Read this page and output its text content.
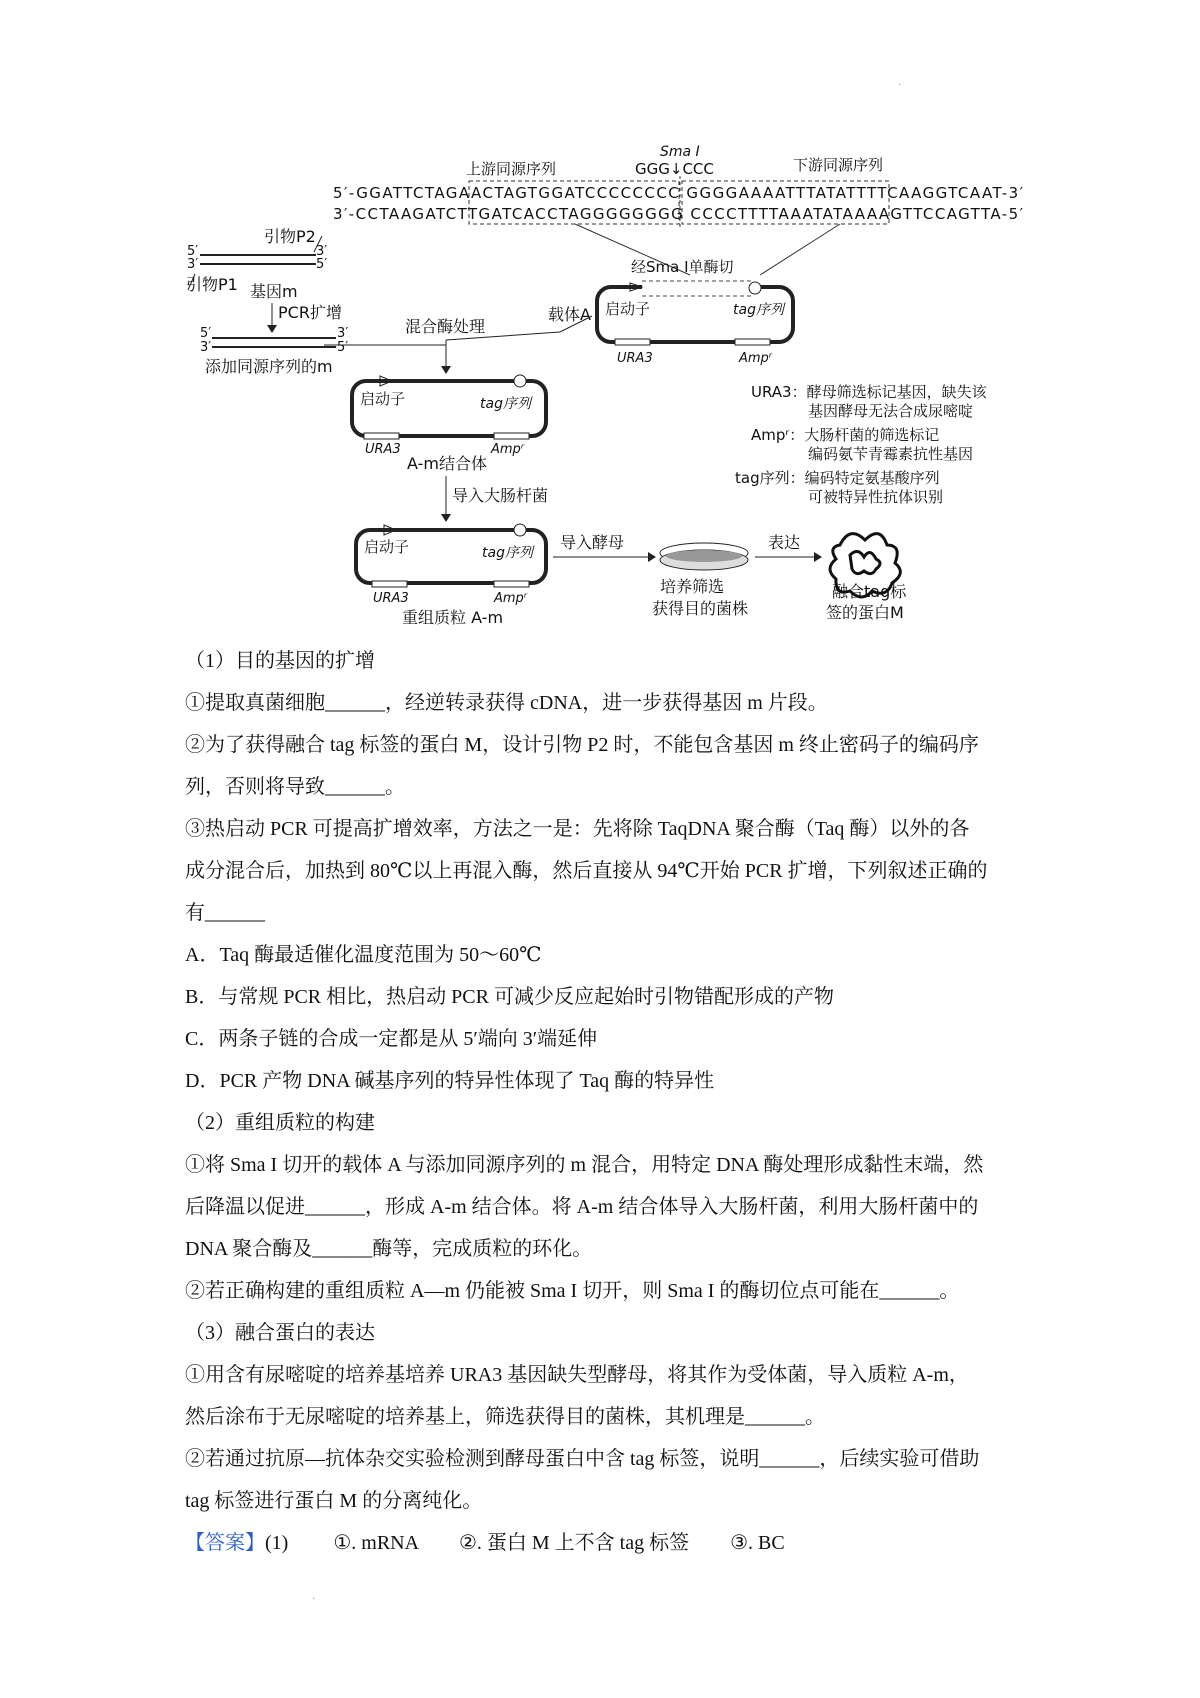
·
Sma I
GGG↓CCC
上游同源序列	下游同源序列
5′-GGATTCTAGAACTAGTGGATCCCCCCCC GGGGAAAATTTATATTTTCAAGGTCAAT-3′
3′-CCTAAGATCTTGATCACCTAGGGGGGGG CCCCTTTTAAATATAAAAGTTCCAGTTA-5′
引物P2
5′	3′
3′	5′
引物P1 基因m
PCR扩增
5′	3′
3′	5′
添加同源序列的m
混合酶处理
载体A
经Sma I单酶切
启动子	tag序列
URA3	Ampʳ
启动子	tag序列
URA3	Ampʳ
A-m结合体
导入大肠杆菌
启动子	tag序列
URA3	Ampʳ
重组质粒 A-m
导入酵母
培养筛选
获得目的菌株
表达
融合tag标
签的蛋白M
URA3：酵母筛选标记基因，缺失该
基因酵母无法合成尿嘧啶
Ampʳ：大肠杆菌的筛选标记
编码氨苄青霉素抗性基因
tag序列：编码特定氨基酸序列
可被特异性抗体识别

（1）目的基因的扩增

①提取真菌细胞______，经逆转录获得 cDNA，进一步获得基因 m 片段。

②为了获得融合 tag 标签的蛋白 M，设计引物 P2 时，不能包含基因 m 终止密码子的编码序

列，否则将导致______。

③热启动 PCR 可提高扩增效率，方法之一是：先将除 TaqDNA 聚合酶（Taq 酶）以外的各

成分混合后，加热到 80℃以上再混入酶，然后直接从 94℃开始 PCR 扩增，下列叙述正确的

有______

A．Taq 酶最适催化温度范围为 50～60℃

B．与常规 PCR 相比，热启动 PCR 可减少反应起始时引物错配形成的产物

C．两条子链的合成一定都是从 5′端向 3′端延伸

D．PCR 产物 DNA 碱基序列的特异性体现了 Taq 酶的特异性

（2）重组质粒的构建

①将 Sma I 切开的载体 A 与添加同源序列的 m 混合，用特定 DNA 酶处理形成黏性末端，然

后降温以促进______，形成 A-m 结合体。将 A-m 结合体导入大肠杆菌，利用大肠杆菌中的

DNA 聚合酶及______酶等，完成质粒的环化。

②若正确构建的重组质粒 A—m 仍能被 Sma I 切开，则 Sma I 的酶切位点可能在______。

（3）融合蛋白的表达

①用含有尿嘧啶的培养基培养 URA3 基因缺失型酵母，将其作为受体菌，导入质粒 A-m，

然后涂布于无尿嘧啶的培养基上，筛选获得目的菌株，其机理是______。

②若通过抗原—抗体杂交实验检测到酵母蛋白中含 tag 标签，说明______，后续实验可借助

tag 标签进行蛋白 M 的分离纯化。

【答案】(1) ①. mRNA ②. 蛋白 M 上不含 tag 标签 ③. BC

·
